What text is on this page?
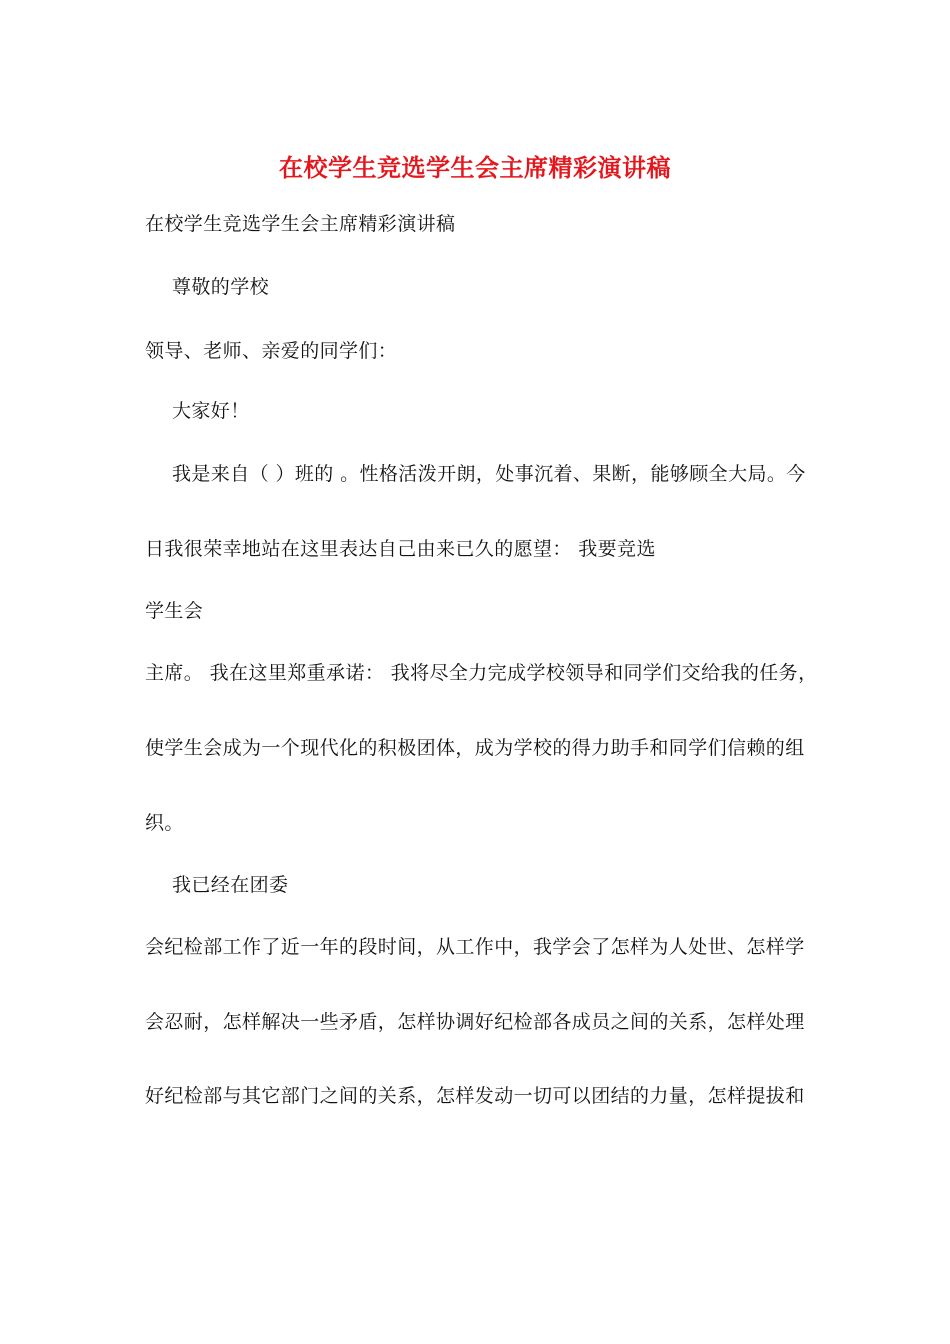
在校学生竞选学生会主席精彩演讲稿
在校学生竞选学生会主席精彩演讲稿
尊敬的学校
领导、老师、亲爱的同学们：
大家好！
我是来自（ ）班的 。性格活泼开朗，处事沉着、果断，能够顾全大局。今
日我很荣幸地站在这里表达自己由来已久的愿望： 我要竞选
学生会
主席。 我在这里郑重承诺： 我将尽全力完成学校领导和同学们交给我的任务，
使学生会成为一个现代化的积极团体，成为学校的得力助手和同学们信赖的组
织。
我已经在团委
会纪检部工作了近一年的段时间，从工作中，我学会了怎样为人处世、怎样学
会忍耐，怎样解决一些矛盾，怎样协调好纪检部各成员之间的关系，怎样处理
好纪检部与其它部门之间的关系，怎样发动一切可以团结的力量，怎样提拔和
